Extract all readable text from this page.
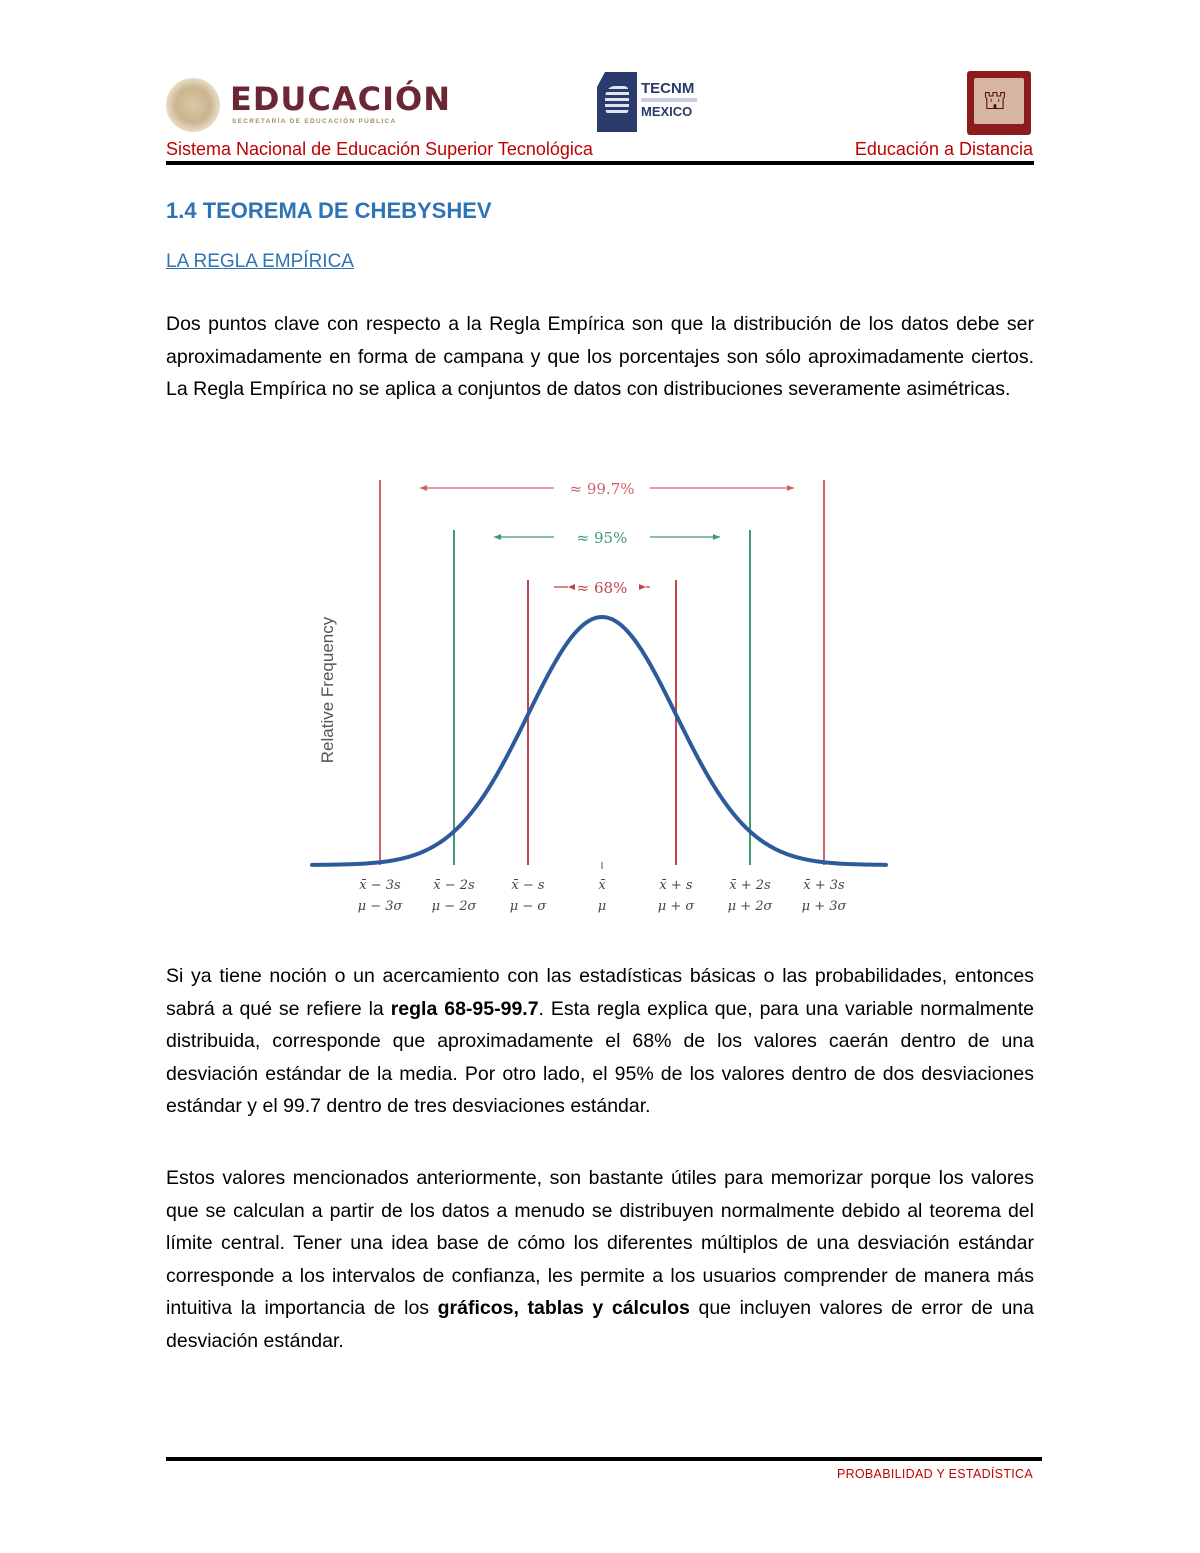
EDUCACIÓN
SECRETARÍA DE EDUCACIÓN PÚBLICA
TECNM
MEXICO	⛫
Sistema Nacional de Educación Superior Tecnológica	Educación a Distancia
1.4 TEOREMA DE CHEBYSHEV
LA REGLA EMPÍRICA

Dos puntos clave con respecto a la Regla Empírica son que la distribución de los datos debe ser aproximadamente en forma de campana y que los porcentajes son sólo aproximadamente ciertos. La Regla Empírica no se aplica a conjuntos de datos con distribuciones severamente asimétricas.

≈ 99.7%
≈ 95%
≈ 68%
Relative Frequency
x̄ − 3s
μ − 3σ
x̄ − 2s
μ − 2σ
x̄ − s
μ − σ
x̄
μ
x̄ + s
μ + σ
x̄ + 2s
μ + 2σ
x̄ + 3s
μ + 3σ

Si ya tiene noción o un acercamiento con las estadísticas básicas o las probabilidades, entonces sabrá a qué se refiere la regla 68-95-99.7. Esta regla explica que, para una variable normalmente distribuida, corresponde que aproximadamente el 68% de los valores caerán dentro de una desviación estándar de la media. Por otro lado, el 95% de los valores dentro de dos desviaciones estándar y el 99.7 dentro de tres desviaciones estándar.

Estos valores mencionados anteriormente, son bastante útiles para memorizar porque los valores que se calculan a partir de los datos a menudo se distribuyen normalmente debido al teorema del límite central. Tener una idea base de cómo los diferentes múltiplos de una desviación estándar corresponde a los intervalos de confianza, les permite a los usuarios comprender de manera más intuitiva la importancia de los gráficos, tablas y cálculos que incluyen valores de error de una desviación estándar.

PROBABILIDAD Y ESTADÍSTICA
